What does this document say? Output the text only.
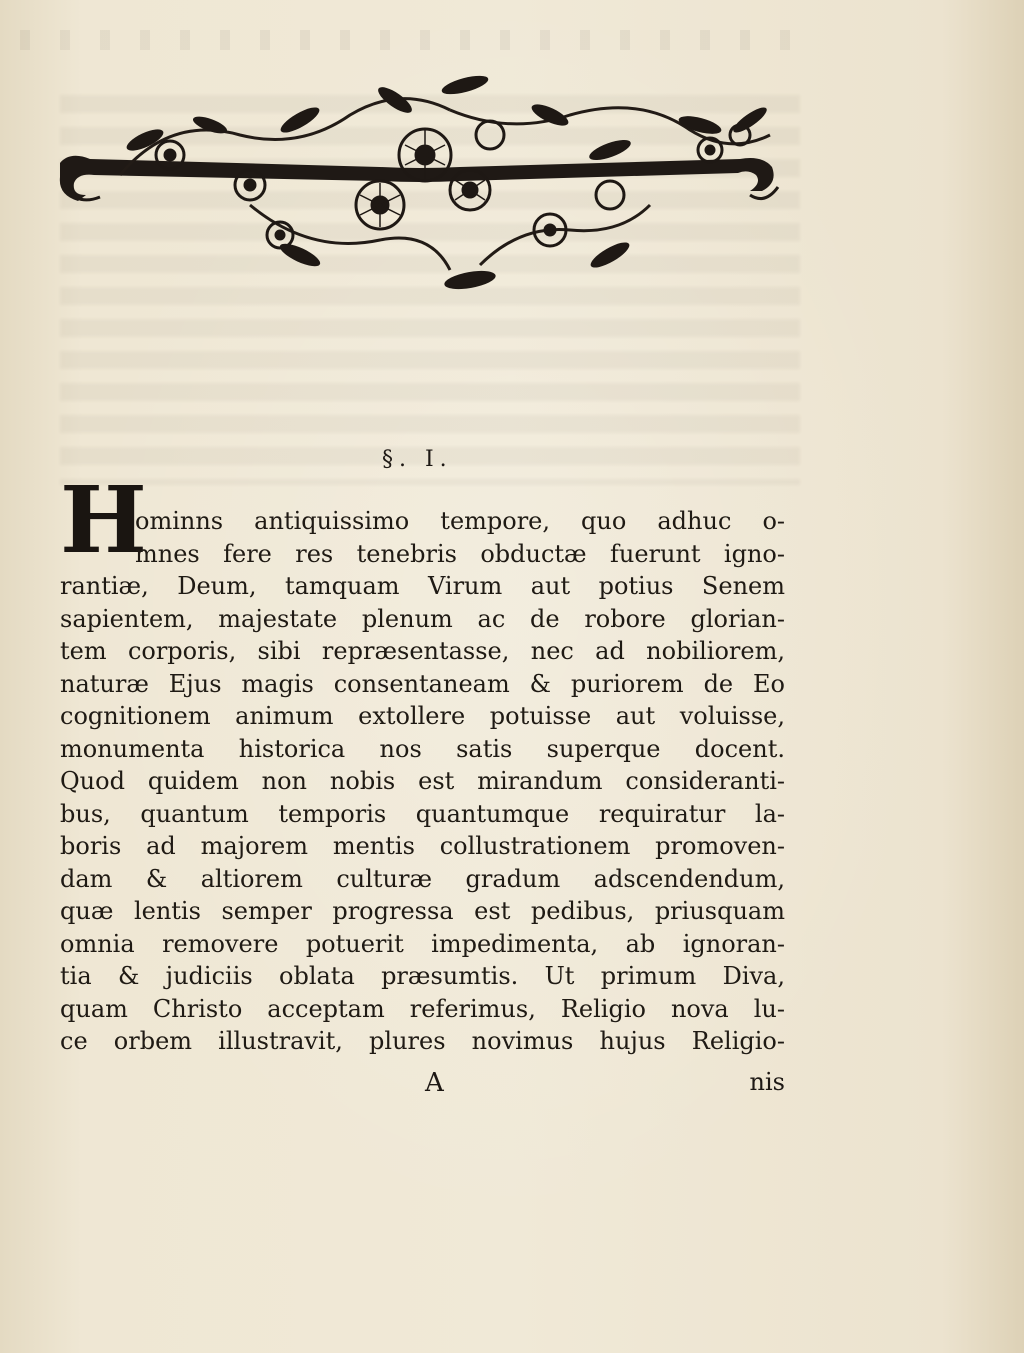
§. I.
H
ominns antiquissimo tempore, quo adhuc o-
mnes fere res tenebris obductæ fuerunt igno-
rantiæ, Deum, tamquam Virum aut potius Senem
sapientem, majestate plenum ac de robore glorian-
tem corporis, sibi repræsentasse, nec ad nobiliorem,
naturæ Ejus magis consentaneam & puriorem de Eo
cognitionem animum extollere potuisse aut voluisse,
monumenta historica nos satis superque docent.
Quod quidem non nobis est mirandum consideranti-
bus, quantum temporis quantumque requiratur la-
boris ad majorem mentis collustrationem promoven-
dam & altiorem culturæ gradum adscendendum,
quæ lentis semper progressa est pedibus, priusquam
omnia removere potuerit impedimenta, ab ignoran-
tia & judiciis oblata præsumtis. Ut primum Diva,
quam Christo acceptam referimus, Religio nova lu-
ce orbem illustravit, plures novimus hujus Religio-
A	nis
